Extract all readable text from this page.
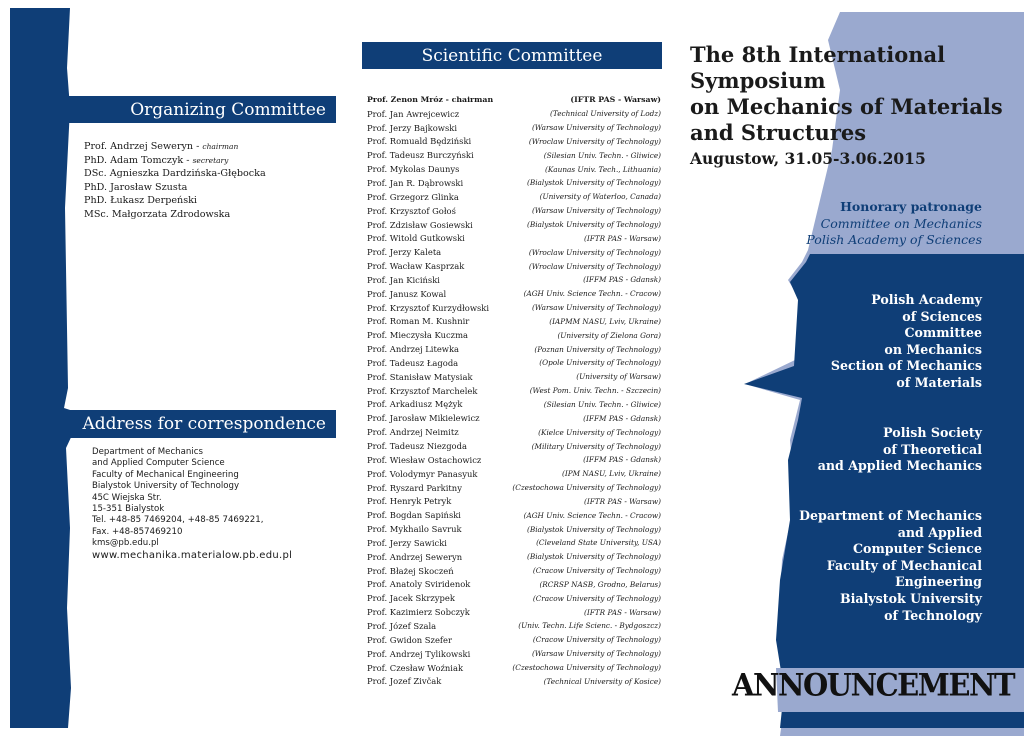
Organizing Committee
Prof. Andrzej Seweryn - chairman
PhD. Adam Tomczyk - secretary
DSc. Agnieszka Dardzińska-Głębocka
PhD. Jarosław Szusta
PhD. Łukasz Derpeński
MSc. Małgorzata Zdrodowska
Address for correspondence
Department of Mechanics
and Applied Computer Science
Faculty of Mechanical Engineering
Bialystok University of Technology
45C Wiejska Str.
15-351 Bialystok
Tel. +48-85 7469204, +48-85 7469221,
Fax. +48-857469210
kms@pb.edu.pl
www.mechanika.materialow.pb.edu.pl
Scientific Committee
Prof. Zenon Mróz - chairman	(IFTR PAS - Warsaw)
Prof. Jan Awrejcewicz	(Technical University of Lodz)
Prof. Jerzy Bajkowski	(Warsaw University of Technology)
Prof. Romuald Będziński	(Wroclaw University of Technology)
Prof. Tadeusz Burczyński	(Silesian Univ. Techn. - Gliwice)
Prof. Mykolas Daunys	(Kaunas Univ. Tech., Lithuania)
Prof. Jan R. Dąbrowski	(Bialystok University of Technology)
Prof. Grzegorz Glinka	(University of Waterloo, Canada)
Prof. Krzysztof Gołoś	(Warsaw University of Technology)
Prof. Zdzisław Gosiewski	(Bialystok University of Technology)
Prof. Witold Gutkowski	(IFTR PAS - Warsaw)
Prof. Jerzy Kaleta	(Wroclaw University of Technology)
Prof. Wacław Kasprzak	(Wroclaw University of Technology)
Prof. Jan Kiciński	(IFFM PAS - Gdansk)
Prof. Janusz Kowal	(AGH Univ. Science Techn. - Cracow)
Prof. Krzysztof Kurzydłowski	(Warsaw University of Technology)
Prof. Roman M. Kushnir	(IAPMM NASU, Lviv, Ukraine)
Prof. Mieczysła Kuczma	(University of Zielona Gora)
Prof. Andrzej Litewka	(Poznan University of Technology)
Prof. Tadeusz Łagoda	(Opole University of Technology)
Prof. Stanisław Matysiak	(University of Warsaw)
Prof. Krzysztof Marchelek	(West Pom. Univ. Techn. - Szczecin)
Prof. Arkadiusz Mężyk	(Silesian Univ. Techn. - Gliwice)
Prof. Jarosław Mikielewicz	(IFFM PAS - Gdansk)
Prof. Andrzej Neimitz	(Kielce University of Technology)
Prof. Tadeusz Niezgoda	(Military University of Technology)
Prof. Wiesław Ostachowicz	(IFFM PAS - Gdansk)
Prof. Volodymyr Panasyuk	(IPM NASU, Lviv, Ukraine)
Prof. Ryszard Parkitny	(Czestochowa University of Technology)
Prof. Henryk Petryk	(IFTR PAS - Warsaw)
Prof. Bogdan Sapiński	(AGH Univ. Science Techn. - Cracow)
Prof. Mykhailo Savruk	(Bialystok University of Technology)
Prof. Jerzy Sawicki	(Cleveland State University, USA)
Prof. Andrzej Seweryn	(Bialystok University of Technology)
Prof. Błażej Skoczeń	(Cracow University of Technology)
Prof. Anatoly Sviridenok	(RCRSP NASB, Grodno, Belarus)
Prof. Jacek Skrzypek	(Cracow University of Technology)
Prof. Kazimierz Sobczyk	(IFTR PAS - Warsaw)
Prof. Józef Szala	(Univ. Techn. Life Scienc. - Bydgoszcz)
Prof. Gwidon Szefer	(Cracow University of Technology)
Prof. Andrzej Tylikowski	(Warsaw University of Technology)
Prof. Czesław Woźniak	(Czestochowa University of Technology)
Prof. Jozef Zivčak	(Technical University of Kosice)
The 8th International
Symposium
on Mechanics of Materials
and Structures
Augustow, 31.05-3.06.2015
Honorary patronage
Committee on Mechanics
Polish Academy of Sciences
Polish Academy
of Sciences
Committee
on Mechanics
Section of Mechanics
of Materials
Polish Society
of Theoretical
and Applied Mechanics
Department of Mechanics
and Applied
Computer Science
Faculty of Mechanical
Engineering
Bialystok University
of Technology
ANNOUNCEMENT
